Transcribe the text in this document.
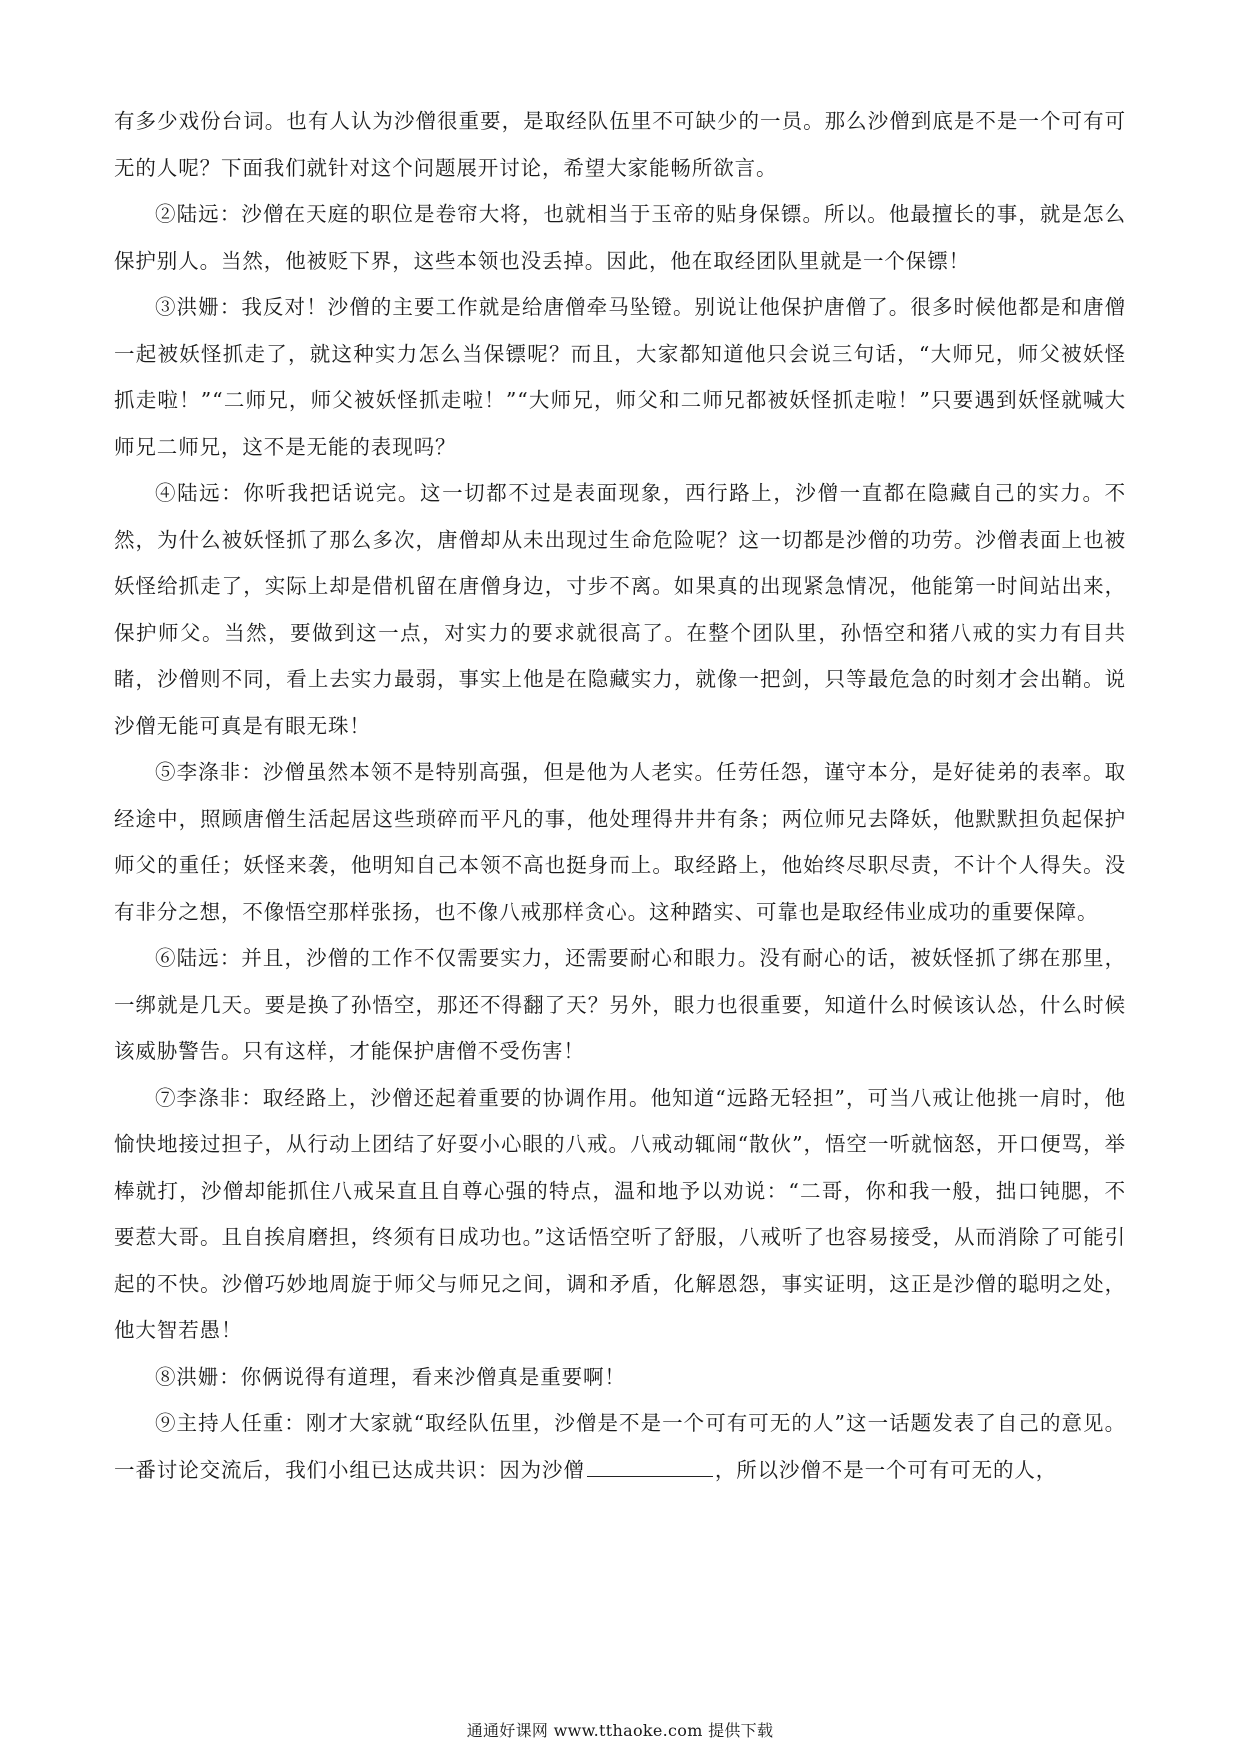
有多少戏份台词。也有人认为沙僧很重要，是取经队伍里不可缺少的一员。那么沙僧到底是不是一个可有可无的人呢？下面我们就针对这个问题展开讨论，希望大家能畅所欲言。

②陆远：沙僧在天庭的职位是卷帘大将，也就相当于玉帝的贴身保镖。所以。他最擅长的事，就是怎么保护别人。当然，他被贬下界，这些本领也没丢掉。因此，他在取经团队里就是一个保镖！

③洪姗：我反对！沙僧的主要工作就是给唐僧牵马坠镫。别说让他保护唐僧了。很多时候他都是和唐僧一起被妖怪抓走了，就这种实力怎么当保镖呢？而且，大家都知道他只会说三句话，“大师兄，师父被妖怪抓走啦！”“二师兄，师父被妖怪抓走啦！”“大师兄，师父和二师兄都被妖怪抓走啦！”只要遇到妖怪就喊大师兄二师兄，这不是无能的表现吗？

④陆远：你听我把话说完。这一切都不过是表面现象，西行路上，沙僧一直都在隐藏自己的实力。不然，为什么被妖怪抓了那么多次，唐僧却从未出现过生命危险呢？这一切都是沙僧的功劳。沙僧表面上也被妖怪给抓走了，实际上却是借机留在唐僧身边，寸步不离。如果真的出现紧急情况，他能第一时间站出来，保护师父。当然，要做到这一点，对实力的要求就很高了。在整个团队里，孙悟空和猪八戒的实力有目共睹，沙僧则不同，看上去实力最弱，事实上他是在隐藏实力，就像一把剑，只等最危急的时刻才会出鞘。说沙僧无能可真是有眼无珠！

⑤李涤非：沙僧虽然本领不是特别高强，但是他为人老实。任劳任怨，谨守本分，是好徒弟的表率。取经途中，照顾唐僧生活起居这些琐碎而平凡的事，他处理得井井有条；两位师兄去降妖，他默默担负起保护师父的重任；妖怪来袭，他明知自己本领不高也挺身而上。取经路上，他始终尽职尽责，不计个人得失。没有非分之想，不像悟空那样张扬，也不像八戒那样贪心。这种踏实、可靠也是取经伟业成功的重要保障。

⑥陆远：并且，沙僧的工作不仅需要实力，还需要耐心和眼力。没有耐心的话，被妖怪抓了绑在那里，一绑就是几天。要是换了孙悟空，那还不得翻了天？另外，眼力也很重要，知道什么时候该认怂，什么时候该威胁警告。只有这样，才能保护唐僧不受伤害！

⑦李涤非：取经路上，沙僧还起着重要的协调作用。他知道“远路无轻担”，可当八戒让他挑一肩时，他愉快地接过担子，从行动上团结了好耍小心眼的八戒。八戒动辄闹“散伙”，悟空一听就恼怒，开口便骂，举棒就打，沙僧却能抓住八戒呆直且自尊心强的特点，温和地予以劝说：“二哥，你和我一般，拙口钝腮，不要惹大哥。且自挨肩磨担，终须有日成功也。”这话悟空听了舒服，八戒听了也容易接受，从而消除了可能引起的不快。沙僧巧妙地周旋于师父与师兄之间，调和矛盾，化解恩怨，事实证明，这正是沙僧的聪明之处，他大智若愚！

⑧洪姗：你俩说得有道理，看来沙僧真是重要啊！

⑨主持人任重：刚才大家就“取经队伍里，沙僧是不是一个可有可无的人”这一话题发表了自己的意见。一番讨论交流后，我们小组已达成共识：因为沙僧	，所以沙僧不是一个可有可无的人，

通通好课网 www.tthaoke.com 提供下载
